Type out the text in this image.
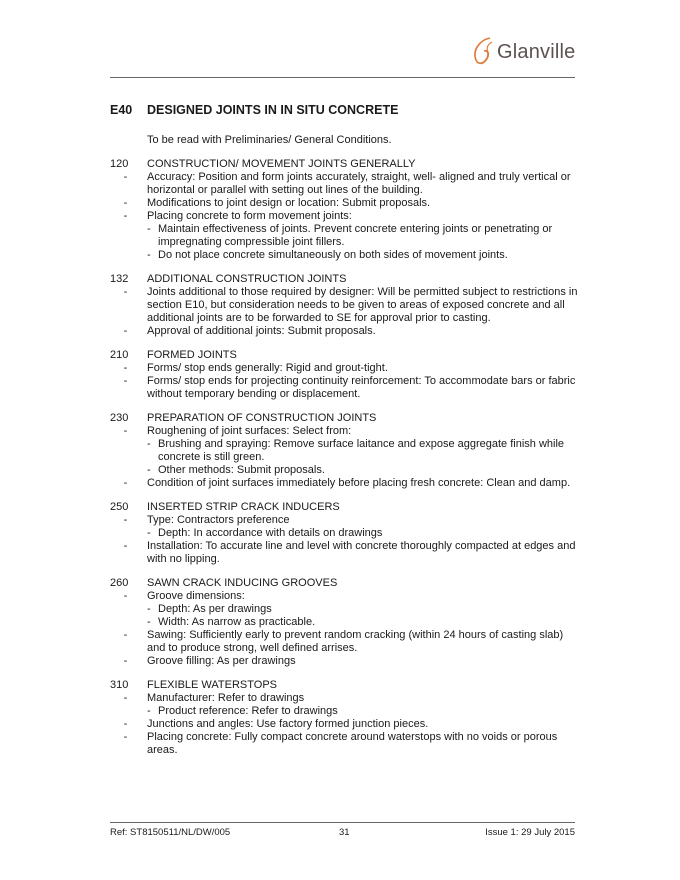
Glanville
E40 DESIGNED JOINTS IN IN SITU CONCRETE
To be read with Preliminaries/ General Conditions.
120	CONSTRUCTION/ MOVEMENT JOINTS GENERALLY
-	Accuracy: Position and form joints accurately, straight, well- aligned and truly vertical or horizontal or parallel with setting out lines of the building.
-	Modifications to joint design or location: Submit proposals.
-	Placing concrete to form movement joints:
- Maintain effectiveness of joints. Prevent concrete entering joints or penetrating or impregnating compressible joint fillers.
- Do not place concrete simultaneously on both sides of movement joints.
132	ADDITIONAL CONSTRUCTION JOINTS
-	Joints additional to those required by designer: Will be permitted subject to restrictions in section E10, but consideration needs to be given to areas of exposed concrete and all additional joints are to be forwarded to SE for approval prior to casting.
-	Approval of additional joints: Submit proposals.
210	FORMED JOINTS
-	Forms/ stop ends generally: Rigid and grout-tight.
-	Forms/ stop ends for projecting continuity reinforcement: To accommodate bars or fabric without temporary bending or displacement.
230	PREPARATION OF CONSTRUCTION JOINTS
-	Roughening of joint surfaces: Select from:
- Brushing and spraying: Remove surface laitance and expose aggregate finish while concrete is still green.
- Other methods: Submit proposals.
-	Condition of joint surfaces immediately before placing fresh concrete: Clean and damp.
250	INSERTED STRIP CRACK INDUCERS
-	Type: Contractors preference
- Depth: In accordance with details on drawings
-	Installation: To accurate line and level with concrete thoroughly compacted at edges and with no lipping.
260	SAWN CRACK INDUCING GROOVES
-	Groove dimensions:
- Depth: As per drawings
- Width: As narrow as practicable.
-	Sawing: Sufficiently early to prevent random cracking (within 24 hours of casting slab) and to produce strong, well defined arrises.
-	Groove filling: As per drawings
310	FLEXIBLE WATERSTOPS
-	Manufacturer: Refer to drawings
- Product reference: Refer to drawings
-	Junctions and angles: Use factory formed junction pieces.
-	Placing concrete: Fully compact concrete around waterstops with no voids or porous areas.
Ref: ST8150511/NL/DW/005	31	Issue 1: 29 July 2015
